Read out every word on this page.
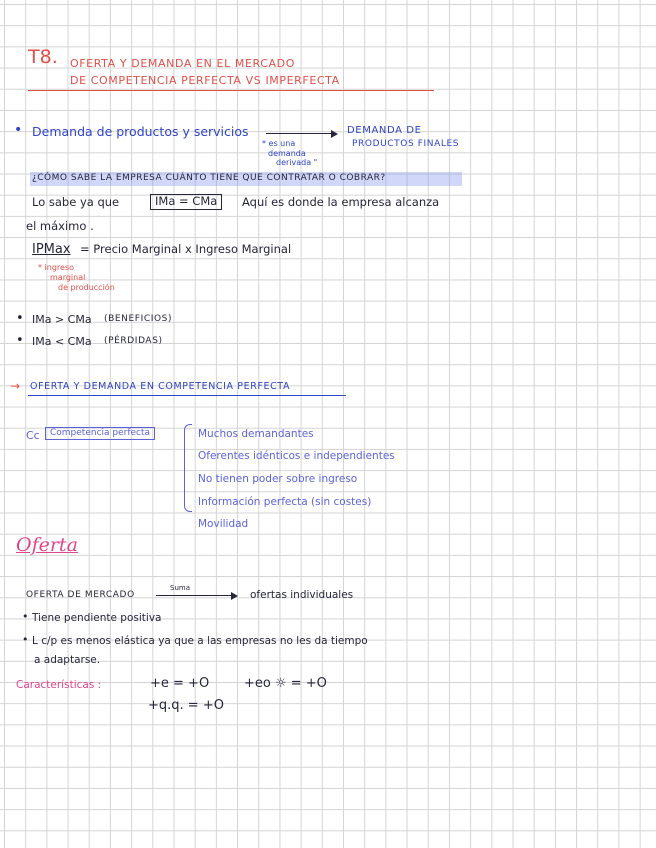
T8. OFERTA Y DEMANDA EN EL MERCADO
DE COMPETENCIA PERFECTA VS IMPERFECTA
• Demanda de productos y servicios	DEMANDA DE
PRODUCTOS FINALES
* es una
demanda
derivada "
¿CÓMO SABE LA EMPRESA CUÁNTO TIENE QUE CONTRATAR O COBRAR?
Lo sabe ya que	IMa = CMa	Aquí es donde la empresa alcanza
el máximo .
IPMax = Precio Marginal x Ingreso Marginal
* ingreso
marginal
de producción
• IMa > CMa (BENEFICIOS)
• IMa < CMa (PÉRDIDAS)
→ OFERTA Y DEMANDA EN COMPETENCIA PERFECTA
Cc	Competencia perfecta	Muchos demandantes
Oferentes idénticos e independientes
No tienen poder sobre ingreso
Información perfecta (sin costes)
Movilidad
Oferta
OFERTA DE MERCADO
Suma
ofertas individuales
• Tiene pendiente positiva
• L c/p es menos elástica ya que a las empresas no les da tiempo
a adaptarse.
Características :	+e = +O	+eo ☼ = +O
+q.q. = +O
